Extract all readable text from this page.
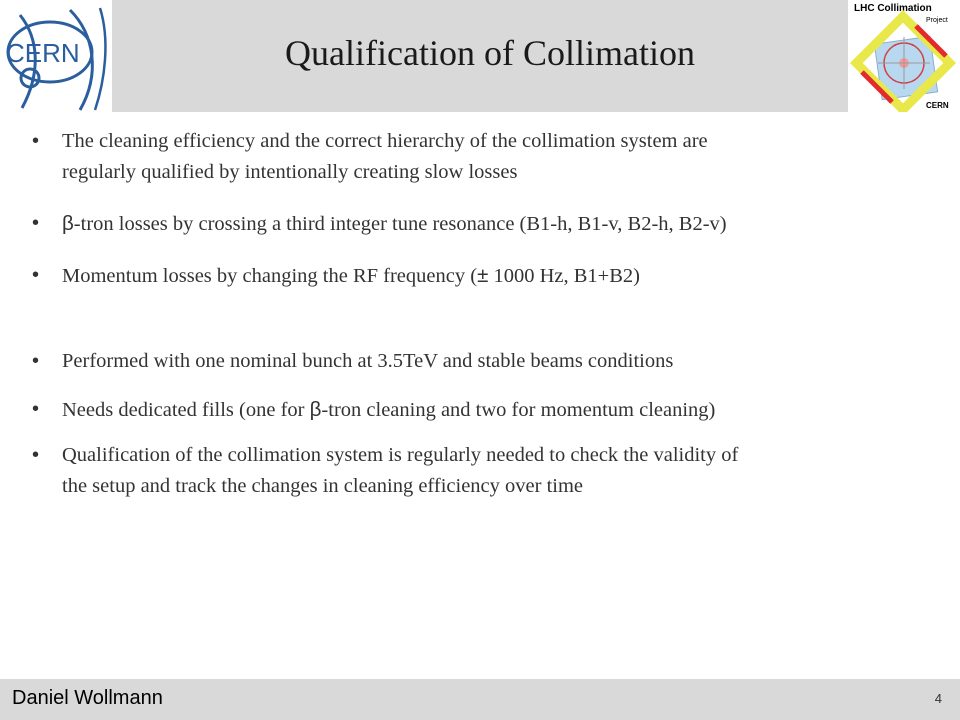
CERN	Qualification of Collimation
LHC Collimation
Project
CERN
• The cleaning efficiency and the correct hierarchy of the collimation system are
regularly qualified by intentionally creating slow losses
• β-tron losses by crossing a third integer tune resonance (B1-h, B1-v, B2-h, B2-v)
• Momentum losses by changing the RF frequency (± 1000 Hz, B1+B2)
• Performed with one nominal bunch at 3.5TeV and stable beams conditions
• Needs dedicated fills (one for β-tron cleaning and two for momentum cleaning)
• Qualification of the collimation system is regularly needed to check the validity of
the setup and track the changes in cleaning efficiency over time
Daniel Wollmann	4
